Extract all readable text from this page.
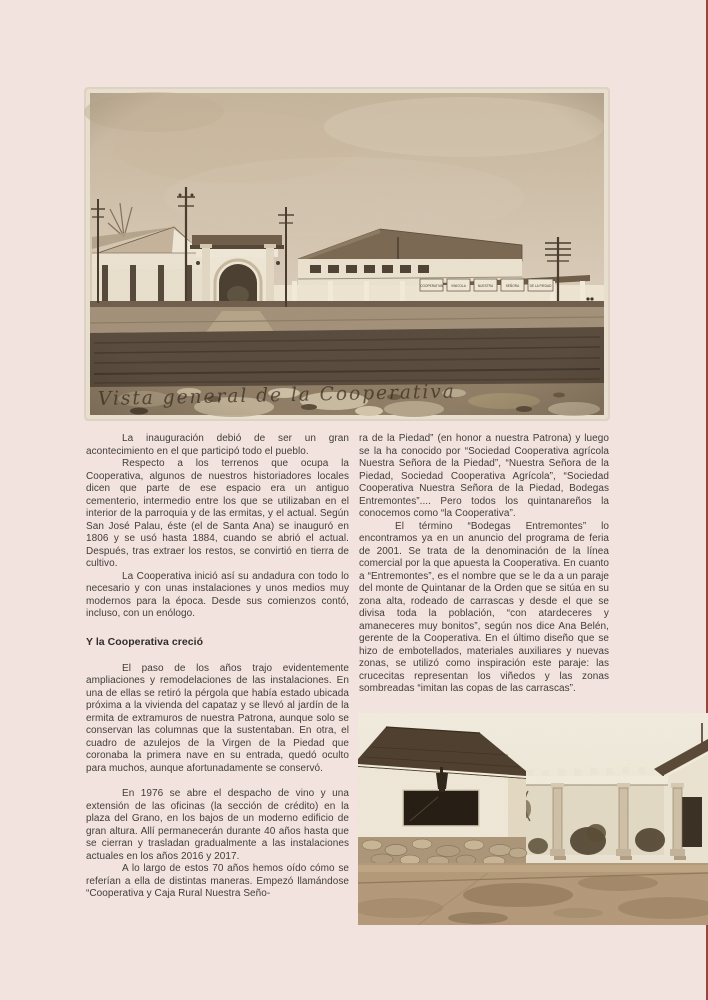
La inauguración debió de ser un gran acontecimiento en el que participó todo el pueblo.

Respecto a los terrenos que ocupa la Cooperativa, algunos de nuestros historiadores locales dicen que parte de ese espacio era un antiguo cementerio, intermedio entre los que se utilizaban en el interior de la parroquia y de las ermitas, y el actual. Según San José Palau, éste (el de Santa Ana) se inauguró en 1806 y se usó hasta 1884, cuando se abrió el actual. Después, tras extraer los restos, se convirtió en tierra de cultivo.

La Cooperativa inició así su andadura con todo lo necesario y con unas instalaciones y unos medios muy modernos para la época. Desde sus comienzos contó, incluso, con un enólogo.

Y la Cooperativa creció

El paso de los años trajo evidentemente ampliaciones y remodelaciones de las instalaciones. En una de ellas se retiró la pérgola que había estado ubicada próxima a la vivienda del capataz y se llevó al jardín de la ermita de extramuros de nuestra Patrona, aunque solo se conservan las columnas que la sustentaban. En otra, el cuadro de azulejos de la Virgen de la Piedad que coronaba la primera nave en su entrada, quedó oculto para muchos, aunque afortunadamente se conservó.

En 1976 se abre el despacho de vino y una extensión de las oficinas (la sección de crédito) en la plaza del Grano, en los bajos de un moderno edificio de gran altura. Allí permanecerán durante 40 años hasta que se cierran y trasladan gradualmente a las instalaciones actuales en los años 2016 y 2017.

A lo largo de estos 70 años hemos oído cómo se referían a ella de distintas maneras. Empezó llamándose “Cooperativa y Caja Rural Nuestra Seño-

ra de la Piedad” (en honor a nuestra Patrona) y luego se la ha conocido por “Sociedad Cooperativa agrícola Nuestra Señora de la Piedad”, “Nuestra Señora de la Piedad, Sociedad Cooperativa Agrícola”, “Sociedad Cooperativa Nuestra Señora de la Piedad, Bodegas Entremontes”.... Pero todos los quintanareños la conocemos como “la Cooperativa”.

El término “Bodegas Entremontes” lo encontramos ya en un anuncio del programa de feria de 2001. Se trata de la denominación de la línea comercial por la que apuesta la Cooperativa. En cuanto a “Entremontes”, es el nombre que se le da a un paraje del monte de Quintanar de la Orden que se sitúa en su zona alta, rodeado de carrascas y desde el que se divisa toda la población, “con atardeceres y amaneceres muy bonitos”, según nos dice Ana Belén, gerente de la Cooperativa. En el último diseño que se hizo de embotellados, materiales auxiliares y nuevas zonas, se utilizó como inspiración este paraje: las crucecitas representan los viñedos y las zonas sombreadas “imitan las copas de las carrascas”.
